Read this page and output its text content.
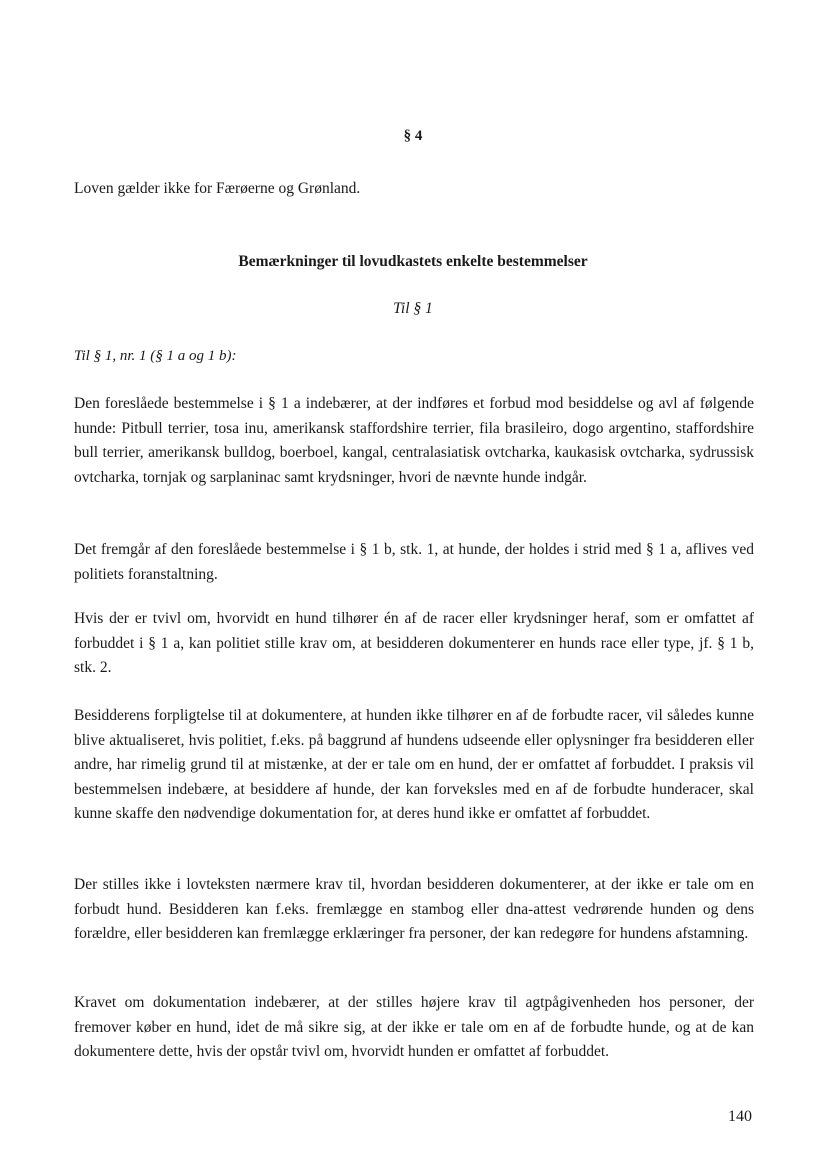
§ 4
Loven gælder ikke for Færøerne og Grønland.
Bemærkninger til lovudkastets enkelte bestemmelser
Til § 1
Til § 1, nr. 1 (§ 1 a og 1 b):
Den foreslåede bestemmelse i § 1 a indebærer, at der indføres et forbud mod besiddelse og avl af følgende hunde: Pitbull terrier, tosa inu, amerikansk staffordshire terrier, fila brasileiro, dogo argentino, staffordshire bull terrier, amerikansk bulldog, boerboel, kangal, centralasiatisk ovtcharka, kaukasisk ovtcharka, sydrussisk ovtcharka, tornjak og sarplaninac samt krydsninger, hvori de nævnte hunde indgår.
Det fremgår af den foreslåede bestemmelse i § 1 b, stk. 1, at hunde, der holdes i strid med § 1 a, aflives ved politiets foranstaltning.
Hvis der er tvivl om, hvorvidt en hund tilhører én af de racer eller krydsninger heraf, som er omfattet af forbuddet i § 1 a, kan politiet stille krav om, at besidderen dokumenterer en hunds race eller type, jf. § 1 b, stk. 2.
Besidderens forpligtelse til at dokumentere, at hunden ikke tilhører en af de forbudte racer, vil således kunne blive aktualiseret, hvis politiet, f.eks. på baggrund af hundens udseende eller oplysninger fra besidderen eller andre, har rimelig grund til at mistænke, at der er tale om en hund, der er omfattet af forbuddet. I praksis vil bestemmelsen indebære, at besiddere af hunde, der kan forveksles med en af de forbudte hunderacer, skal kunne skaffe den nødvendige dokumentation for, at deres hund ikke er omfattet af forbuddet.
Der stilles ikke i lovteksten nærmere krav til, hvordan besidderen dokumenterer, at der ikke er tale om en forbudt hund. Besidderen kan f.eks. fremlægge en stambog eller dna-attest vedrørende hunden og dens forældre, eller besidderen kan fremlægge erklæringer fra personer, der kan redegøre for hundens afstamning.
Kravet om dokumentation indebærer, at der stilles højere krav til agtpågivenheden hos personer, der fremover køber en hund, idet de må sikre sig, at der ikke er tale om en af de forbudte hunde, og at de kan dokumentere dette, hvis der opstår tvivl om, hvorvidt hunden er omfattet af forbuddet.
140
